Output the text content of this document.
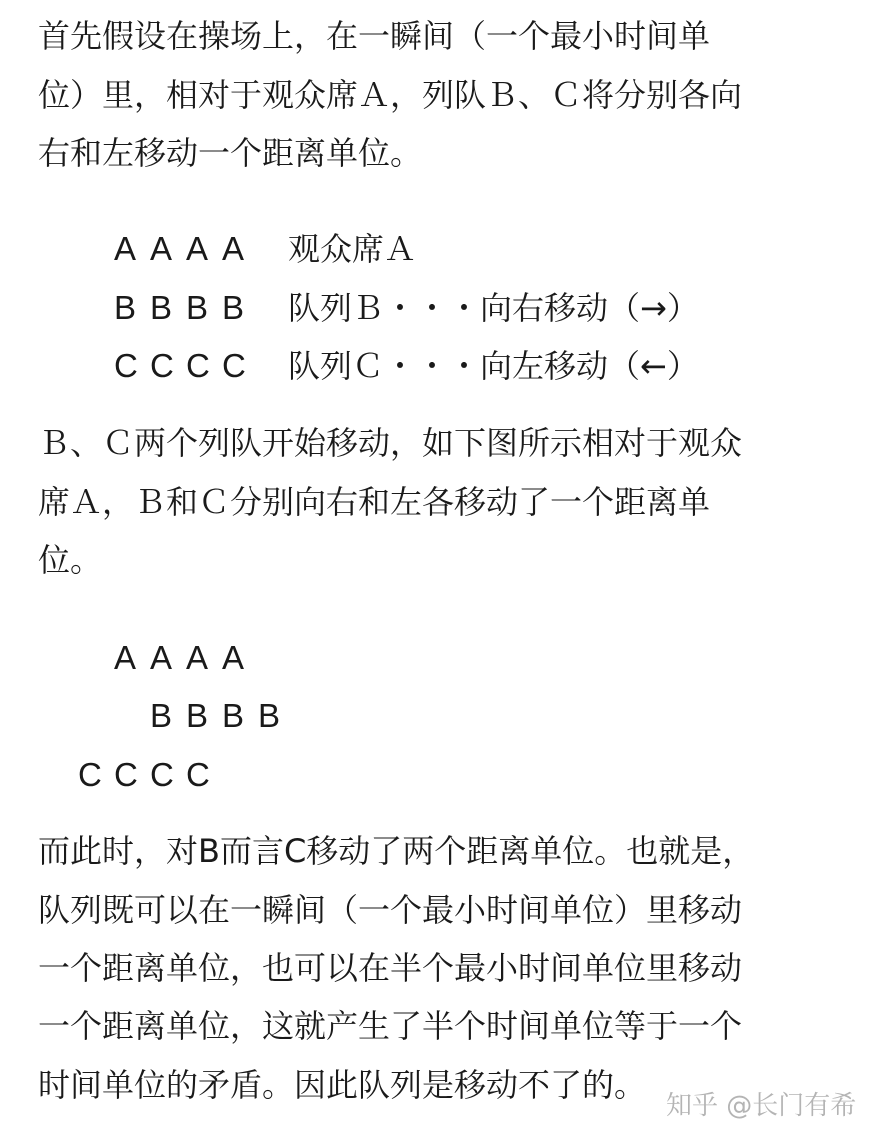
首先假设在操场上，在一瞬间（一个最小时间单
位）里，相对于观众席Ａ，列队Ｂ、Ｃ将分别各向
右和左移动一个距离单位。
A A A A	观众席Ａ
B B B B	队列Ｂ・・・向右移动（→）
C C C C	队列Ｃ・・・向左移动（←）
Ｂ、Ｃ两个列队开始移动，如下图所示相对于观众
席Ａ，Ｂ和Ｃ分别向右和左各移动了一个距离单
位。
A A A A
B B B B
C C C C
而此时，对B而言C移动了两个距离单位。也就是，
队列既可以在一瞬间（一个最小时间单位）里移动
一个距离单位，也可以在半个最小时间单位里移动
一个距离单位，这就产生了半个时间单位等于一个
时间单位的矛盾。因此队列是移动不了的。
知乎 @长门有希
